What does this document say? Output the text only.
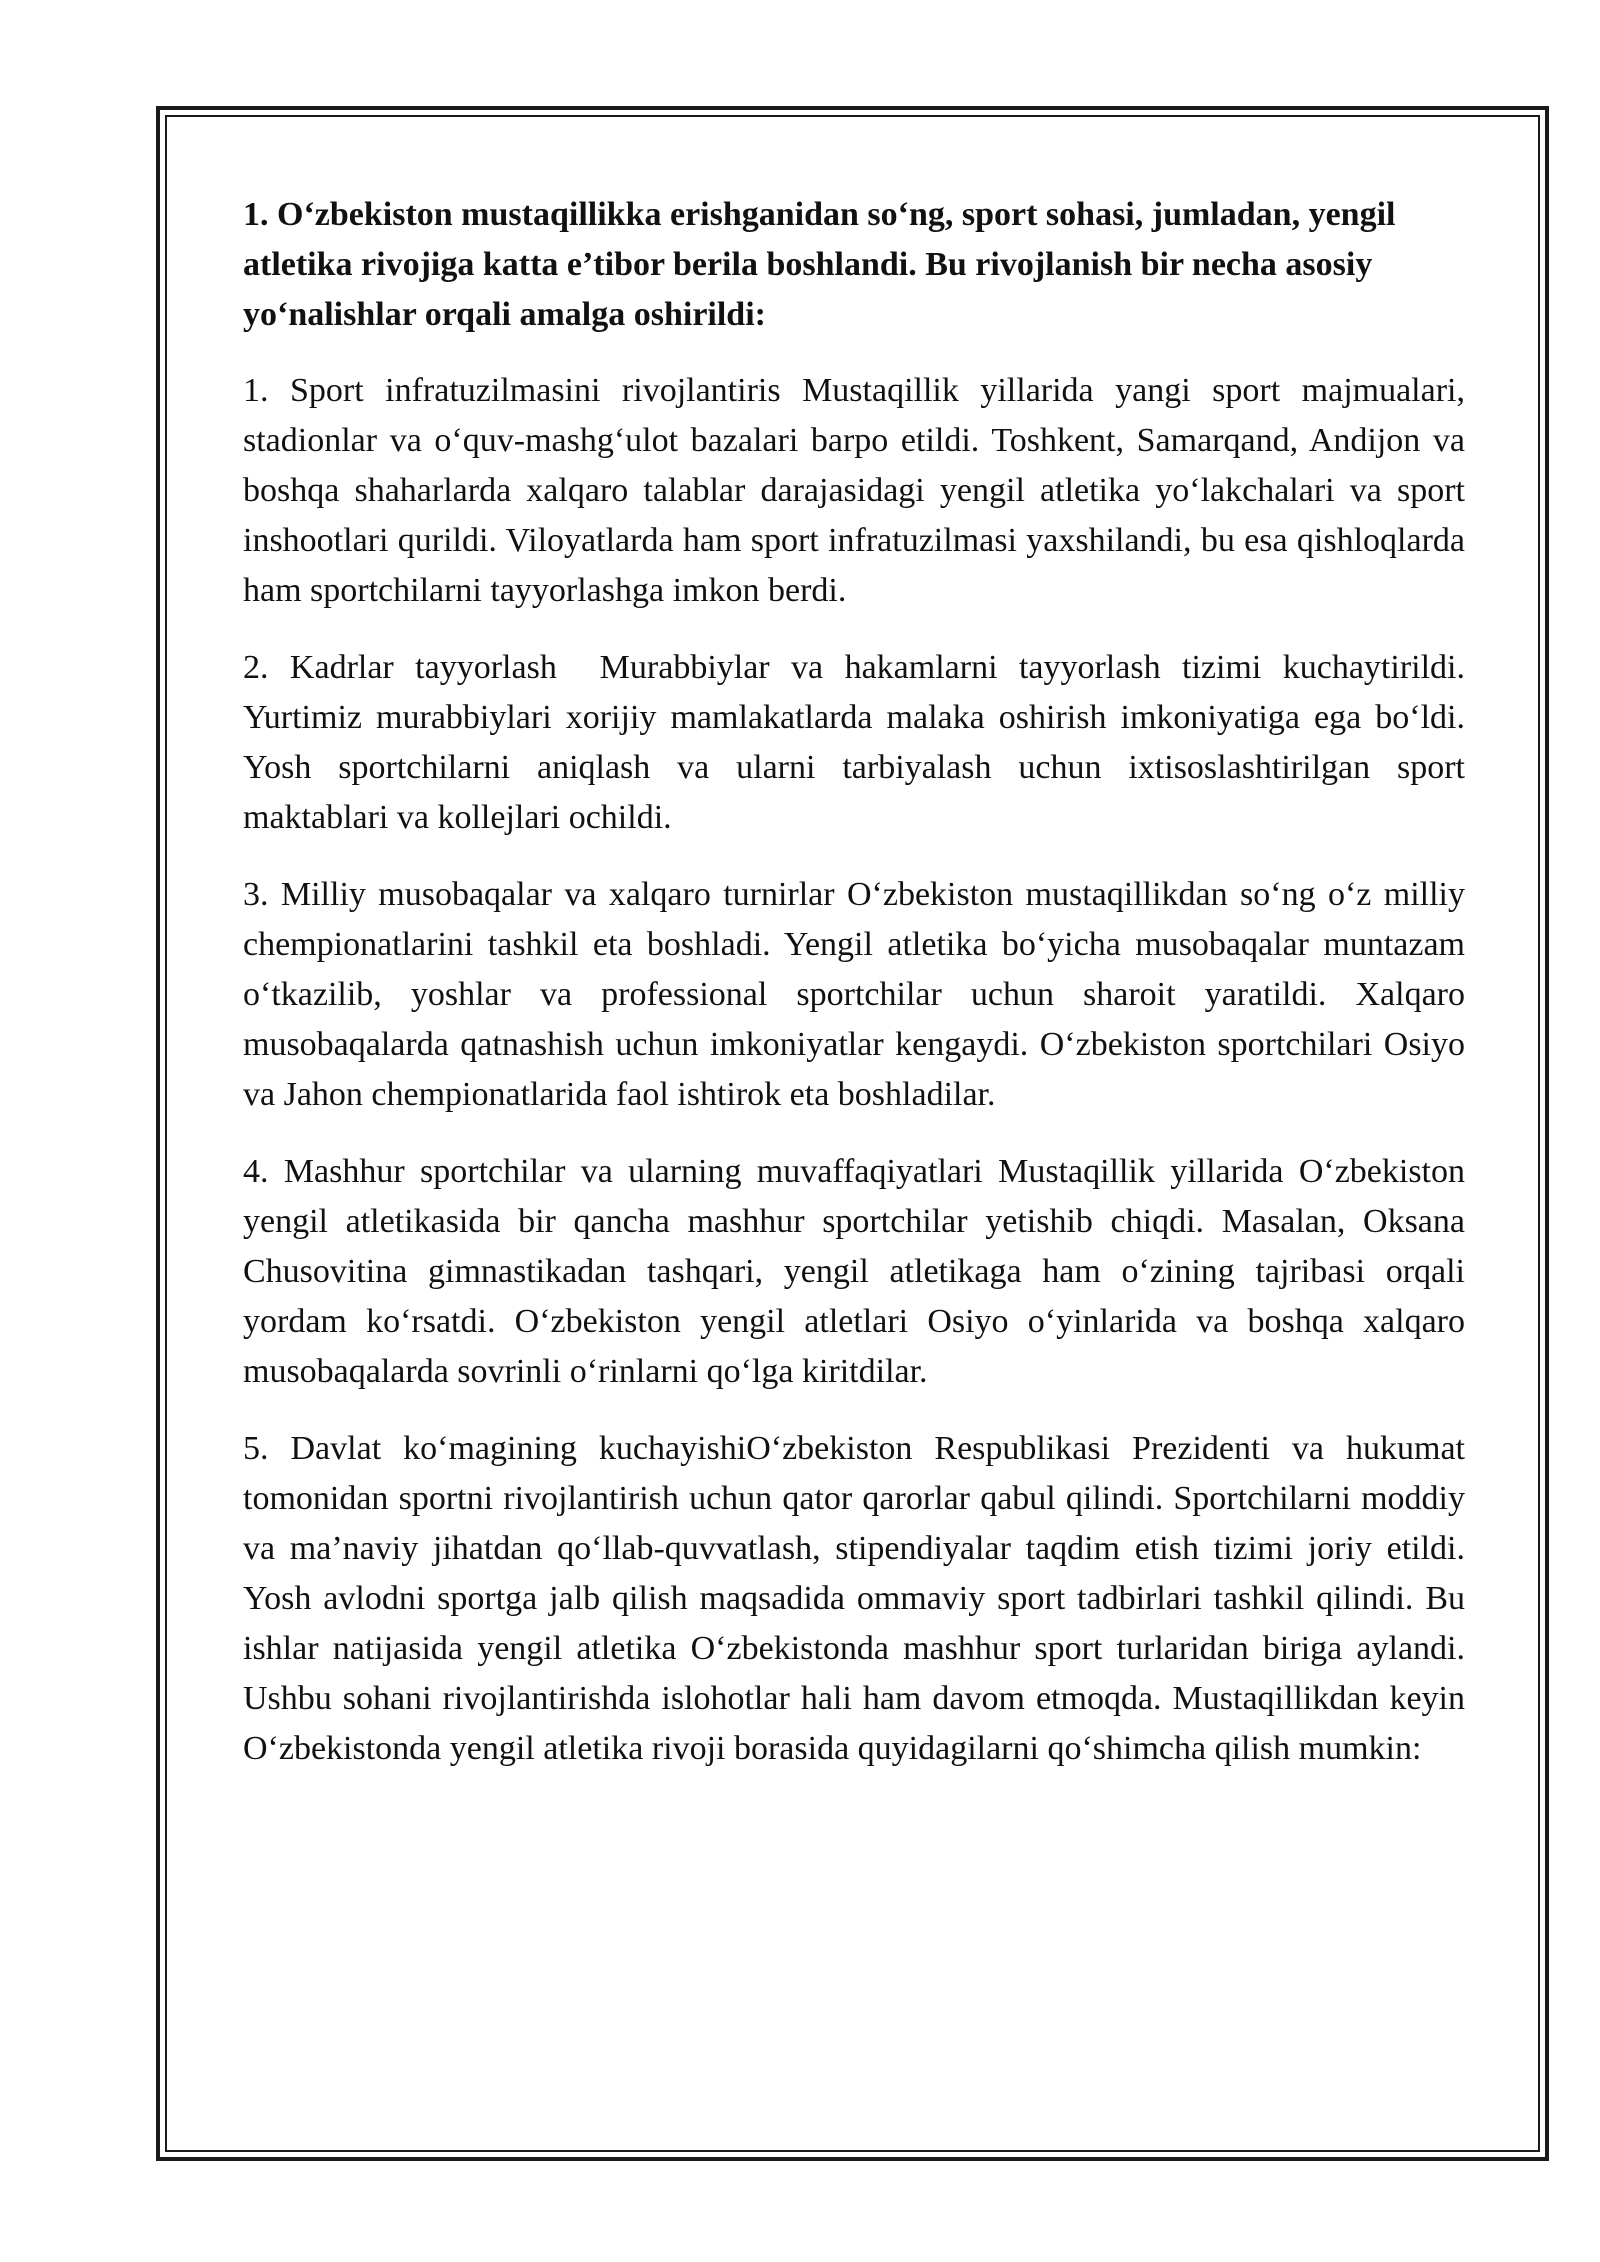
1. O‘zbekiston mustaqillikka erishganidan so‘ng, sport sohasi, jumladan, yengil atletika rivojiga katta e’tibor berila boshlandi. Bu rivojlanish bir necha asosiy yo‘nalishlar orqali amalga oshirildi:

1. Sport infratuzilmasini rivojlantiris Mustaqillik yillarida yangi sport majmualari, stadionlar va o‘quv-mashg‘ulot bazalari barpo etildi. Toshkent, Samarqand, Andijon va boshqa shaharlarda xalqaro talablar darajasidagi yengil atletika yo‘lakchalari va sport inshootlari qurildi. Viloyatlarda ham sport infratuzilmasi yaxshilandi, bu esa qishloqlarda ham sportchilarni tayyorlashga imkon berdi.

2. Kadrlar tayyorlash  Murabbiylar va hakamlarni tayyorlash tizimi kuchaytirildi. Yurtimiz murabbiylari xorijiy mamlakatlarda malaka oshirish imkoniyatiga ega bo‘ldi. Yosh sportchilarni aniqlash va ularni tarbiyalash uchun ixtisoslashtirilgan sport maktablari va kollejlari ochildi.

3. Milliy musobaqalar va xalqaro turnirlar O‘zbekiston mustaqillikdan so‘ng o‘z milliy chempionatlarini tashkil eta boshladi. Yengil atletika bo‘yicha musobaqalar muntazam o‘tkazilib, yoshlar va professional sportchilar uchun sharoit yaratildi. Xalqaro musobaqalarda qatnashish uchun imkoniyatlar kengaydi. O‘zbekiston sportchilari Osiyo va Jahon chempionatlarida faol ishtirok eta boshladilar.

4. Mashhur sportchilar va ularning muvaffaqiyatlari Mustaqillik yillarida O‘zbekiston yengil atletikasida bir qancha mashhur sportchilar yetishib chiqdi. Masalan, Oksana Chusovitina gimnastikadan tashqari, yengil atletikaga ham o‘zining tajribasi orqali yordam ko‘rsatdi. O‘zbekiston yengil atletlari Osiyo o‘yinlarida va boshqa xalqaro musobaqalarda sovrinli o‘rinlarni qo‘lga kiritdilar.

5. Davlat ko‘magining kuchayishiO‘zbekiston Respublikasi Prezidenti va hukumat tomonidan sportni rivojlantirish uchun qator qarorlar qabul qilindi. Sportchilarni moddiy va ma’naviy jihatdan qo‘llab-quvvatlash, stipendiyalar taqdim etish tizimi joriy etildi. Yosh avlodni sportga jalb qilish maqsadida ommaviy sport tadbirlari tashkil qilindi. Bu ishlar natijasida yengil atletika O‘zbekistonda mashhur sport turlaridan biriga aylandi. Ushbu sohani rivojlantirishda islohotlar hali ham davom etmoqda. Mustaqillikdan keyin O‘zbekistonda yengil atletika rivoji borasida quyidagilarni qo‘shimcha qilish mumkin:
